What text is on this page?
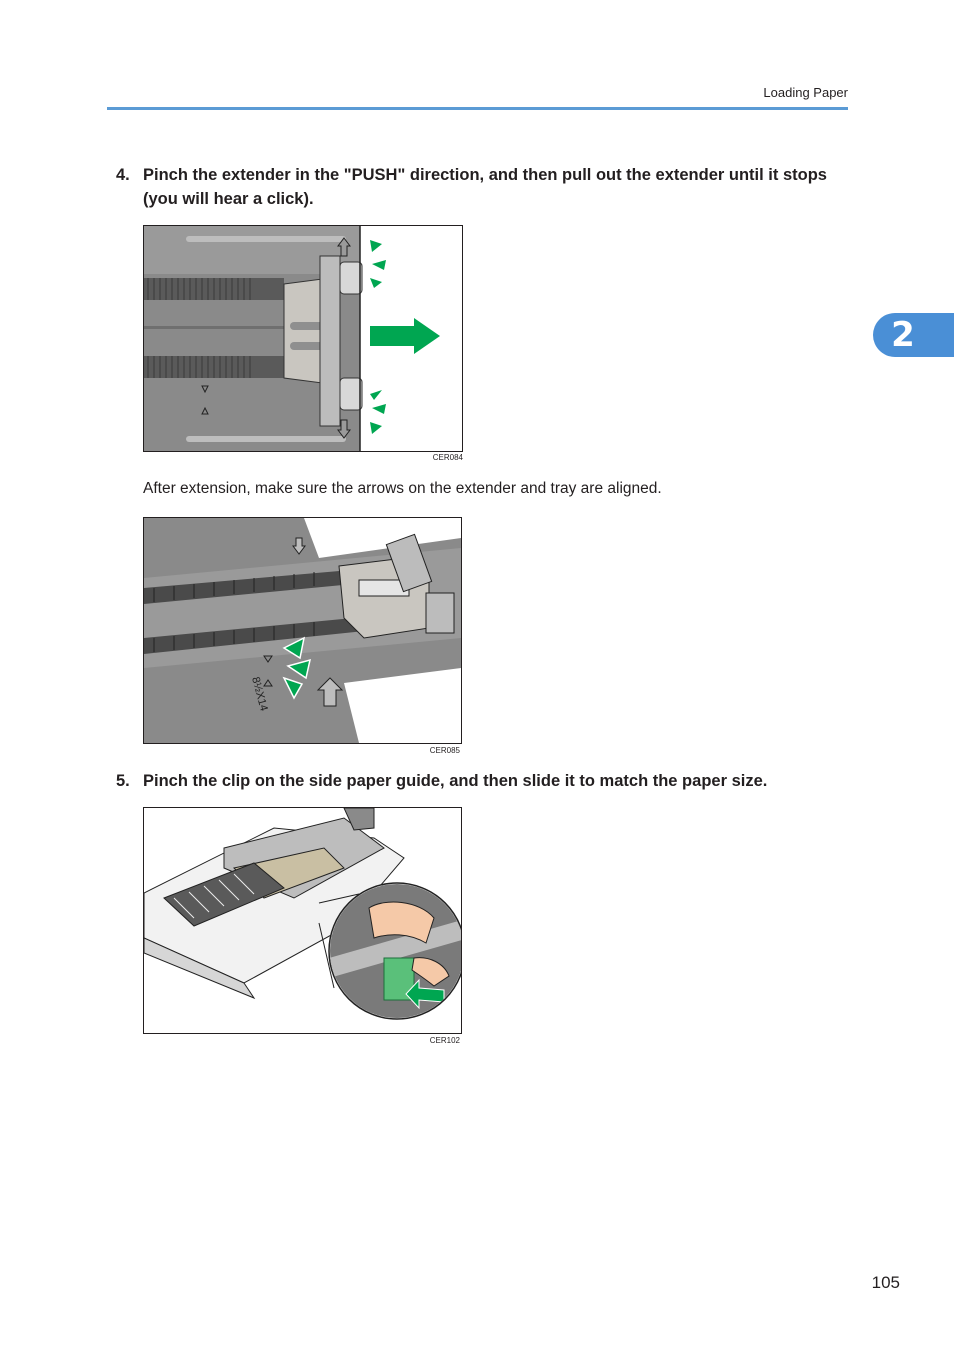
Loading Paper
2
4. Pinch the extender in the "PUSH" direction, and then pull out the extender until it stops
(you will hear a click).
CER084
After extension, make sure the arrows on the extender and tray are aligned.
8½X14
CER085
5. Pinch the clip on the side paper guide, and then slide it to match the paper size.
CER102
105
